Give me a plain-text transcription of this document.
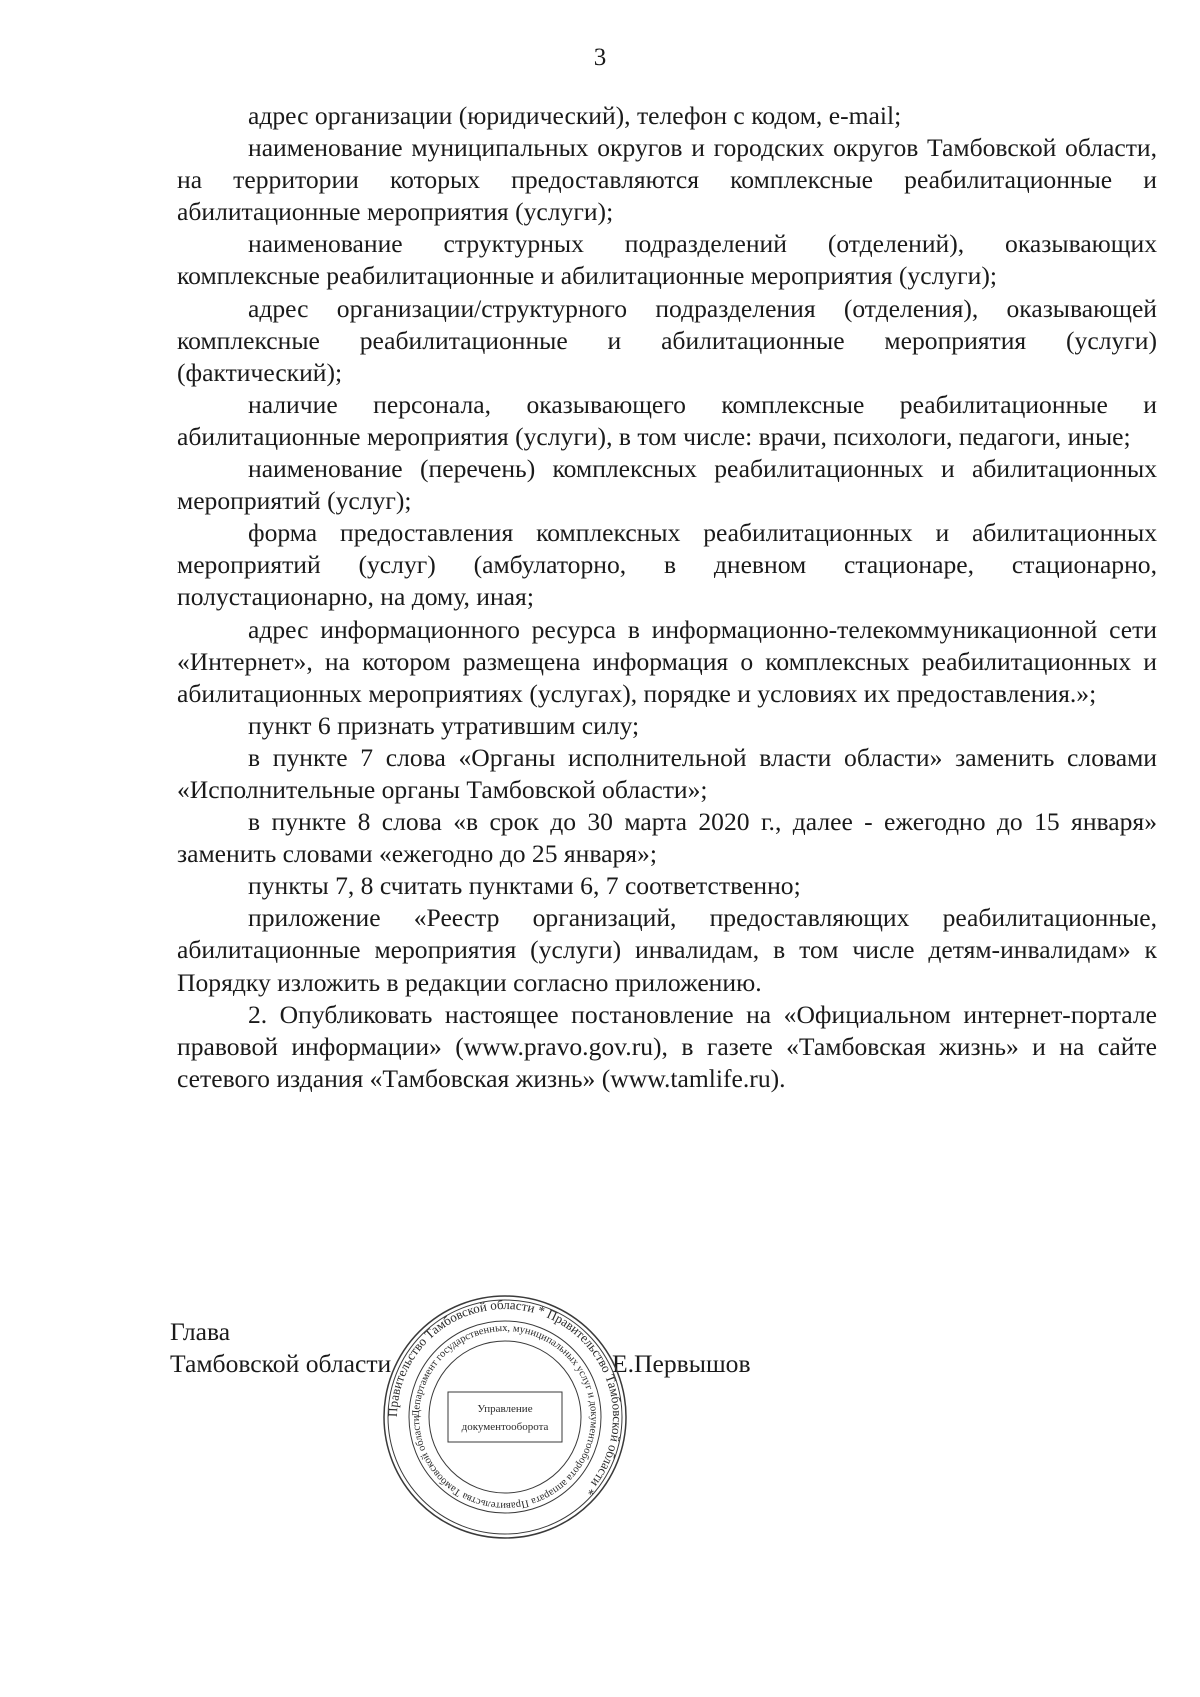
3

адрес организации (юридический), телефон с кодом, e-mail;

наименование муниципальных округов и городских округов Тамбовской области, на территории которых предоставляются комплексные реабилитационные и абилитационные мероприятия (услуги);

наименование структурных подразделений (отделений), оказывающих комплексные реабилитационные и абилитационные мероприятия (услуги);

адрес организации/структурного подразделения (отделения), оказывающей комплексные реабилитационные и абилитационные мероприятия (услуги) (фактический);

наличие персонала, оказывающего комплексные реабилитационные и абилитационные мероприятия (услуги), в том числе: врачи, психологи, педагоги, иные;

наименование (перечень) комплексных реабилитационных и абилитационных мероприятий (услуг);

форма предоставления комплексных реабилитационных и абилитационных мероприятий (услуг) (амбулаторно, в дневном стационаре, стационарно, полустационарно, на дому, иная;

адрес информационного ресурса в информационно-телекоммуникационной сети «Интернет», на котором размещена информация о комплексных реабилитационных и абилитационных мероприятиях (услугах), порядке и условиях их предоставления.»;

пункт 6 признать утратившим силу;

в пункте 7 слова «Органы исполнительной власти области» заменить словами «Исполнительные органы Тамбовской области»;

в пункте 8 слова «в срок до 30 марта 2020 г., далее - ежегодно до 15 января» заменить словами «ежегодно до 25 января»;

пункты 7, 8 считать пунктами 6, 7 соответственно;

приложение «Реестр организаций, предоставляющих реабилитационные, абилитационные мероприятия (услуги) инвалидам, в том числе детям-инвалидам» к Порядку изложить в редакции согласно приложению.

2. Опубликовать настоящее постановление на «Официальном интернет-портале правовой информации» (www.pravo.gov.ru), в газете «Тамбовская жизнь» и на сайте сетевого издания «Тамбовская жизнь» (www.tamlife.ru).

Глава
Тамбовской области	Е.Первышов
Правительство Тамбовской области * Правительство Тамбовской области *
Департамент государственных, муниципальных услуг и документооборота аппарата Правительства Тамбовской области
Управление
документооборота
